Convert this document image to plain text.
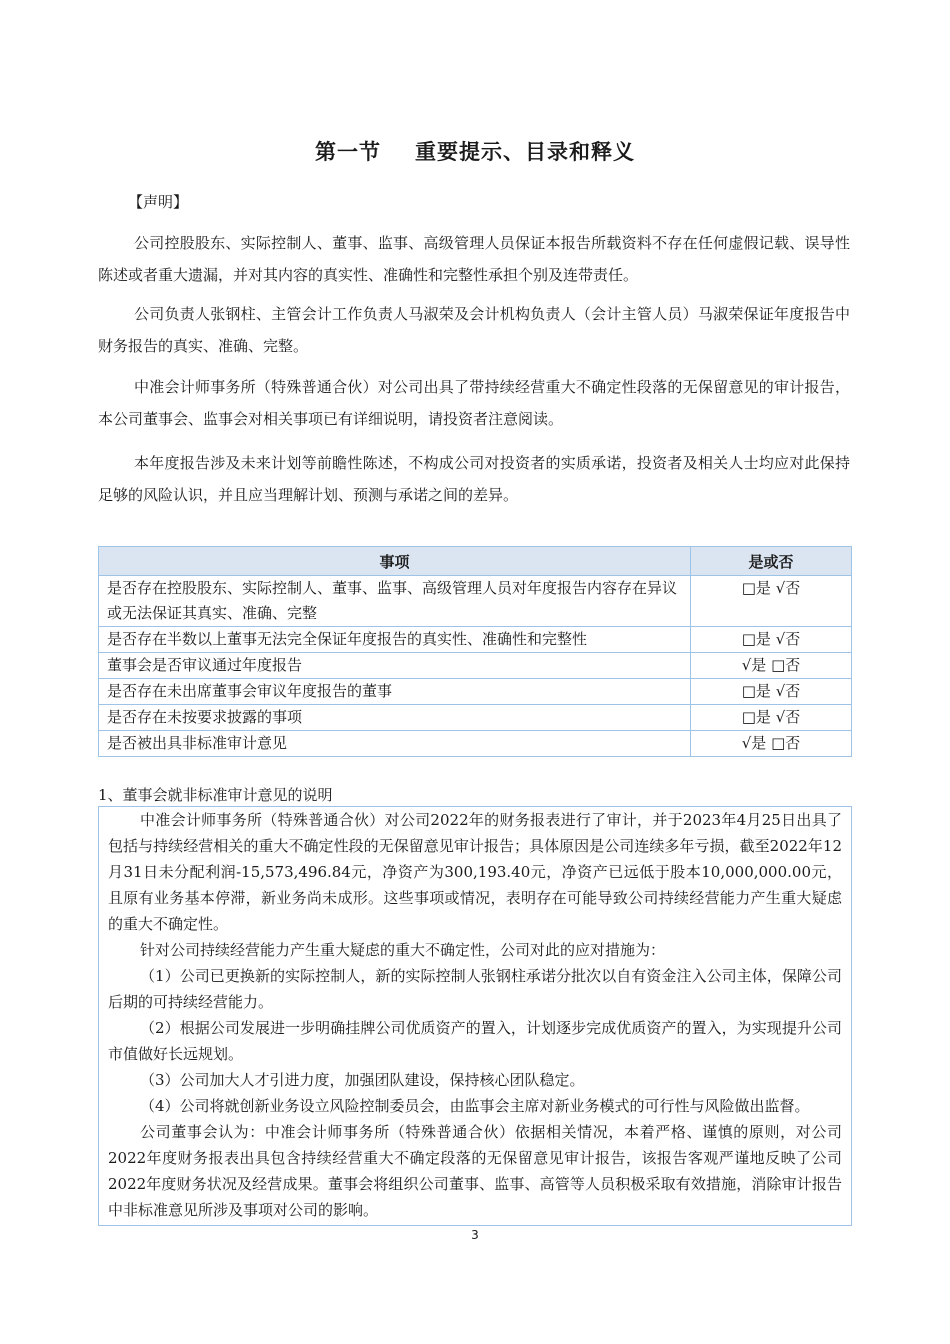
第一节 重要提示、目录和释义
【声明】
公司控股股东、实际控制人、董事、监事、高级管理人员保证本报告所载资料不存在任何虚假记载、误导性陈述或者重大遗漏，并对其内容的真实性、准确性和完整性承担个别及连带责任。
公司负责人张钢柱、主管会计工作负责人马淑荣及会计机构负责人（会计主管人员）马淑荣保证年度报告中财务报告的真实、准确、完整。
中准会计师事务所（特殊普通合伙）对公司出具了带持续经营重大不确定性段落的无保留意见的审计报告，本公司董事会、监事会对相关事项已有详细说明，请投资者注意阅读。
本年度报告涉及未来计划等前瞻性陈述，不构成公司对投资者的实质承诺，投资者及相关人士均应对此保持足够的风险认识，并且应当理解计划、预测与承诺之间的差异。
事项	是或否
是否存在控股股东、实际控制人、董事、监事、高级管理人员对年度报告内容存在异议或无法保证其真实、准确、完整	□是 √否
是否存在半数以上董事无法完全保证年度报告的真实性、准确性和完整性	□是 √否
董事会是否审议通过年度报告	√是 □否
是否存在未出席董事会审议年度报告的董事	□是 √否
是否存在未按要求披露的事项	□是 √否
是否被出具非标准审计意见	√是 □否
1、董事会就非标准审计意见的说明

中准会计师事务所（特殊普通合伙）对公司2022年的财务报表进行了审计，并于2023年4月25日出具了包括与持续经营相关的重大不确定性段的无保留意见审计报告；具体原因是公司连续多年亏损，截至2022年12月31日未分配利润-15,573,496.84元，净资产为300,193.40元，净资产已远低于股本10,000,000.00元，且原有业务基本停滞，新业务尚未成形。这些事项或情况，表明存在可能导致公司持续经营能力产生重大疑虑的重大不确定性。

针对公司持续经营能力产生重大疑虑的重大不确定性，公司对此的应对措施为：

（1）公司已更换新的实际控制人，新的实际控制人张钢柱承诺分批次以自有资金注入公司主体，保障公司后期的可持续经营能力。

（2）根据公司发展进一步明确挂牌公司优质资产的置入，计划逐步完成优质资产的置入，为实现提升公司市值做好长远规划。

（3）公司加大人才引进力度，加强团队建设，保持核心团队稳定。

（4）公司将就创新业务设立风险控制委员会，由监事会主席对新业务模式的可行性与风险做出监督。

公司董事会认为：中准会计师事务所（特殊普通合伙）依据相关情况，本着严格、谨慎的原则，对公司2022年度财务报表出具包含持续经营重大不确定段落的无保留意见审计报告，该报告客观严谨地反映了公司2022年度财务状况及经营成果。董事会将组织公司董事、监事、高管等人员积极采取有效措施，消除审计报告中非标准意见所涉及事项对公司的影响。

3
